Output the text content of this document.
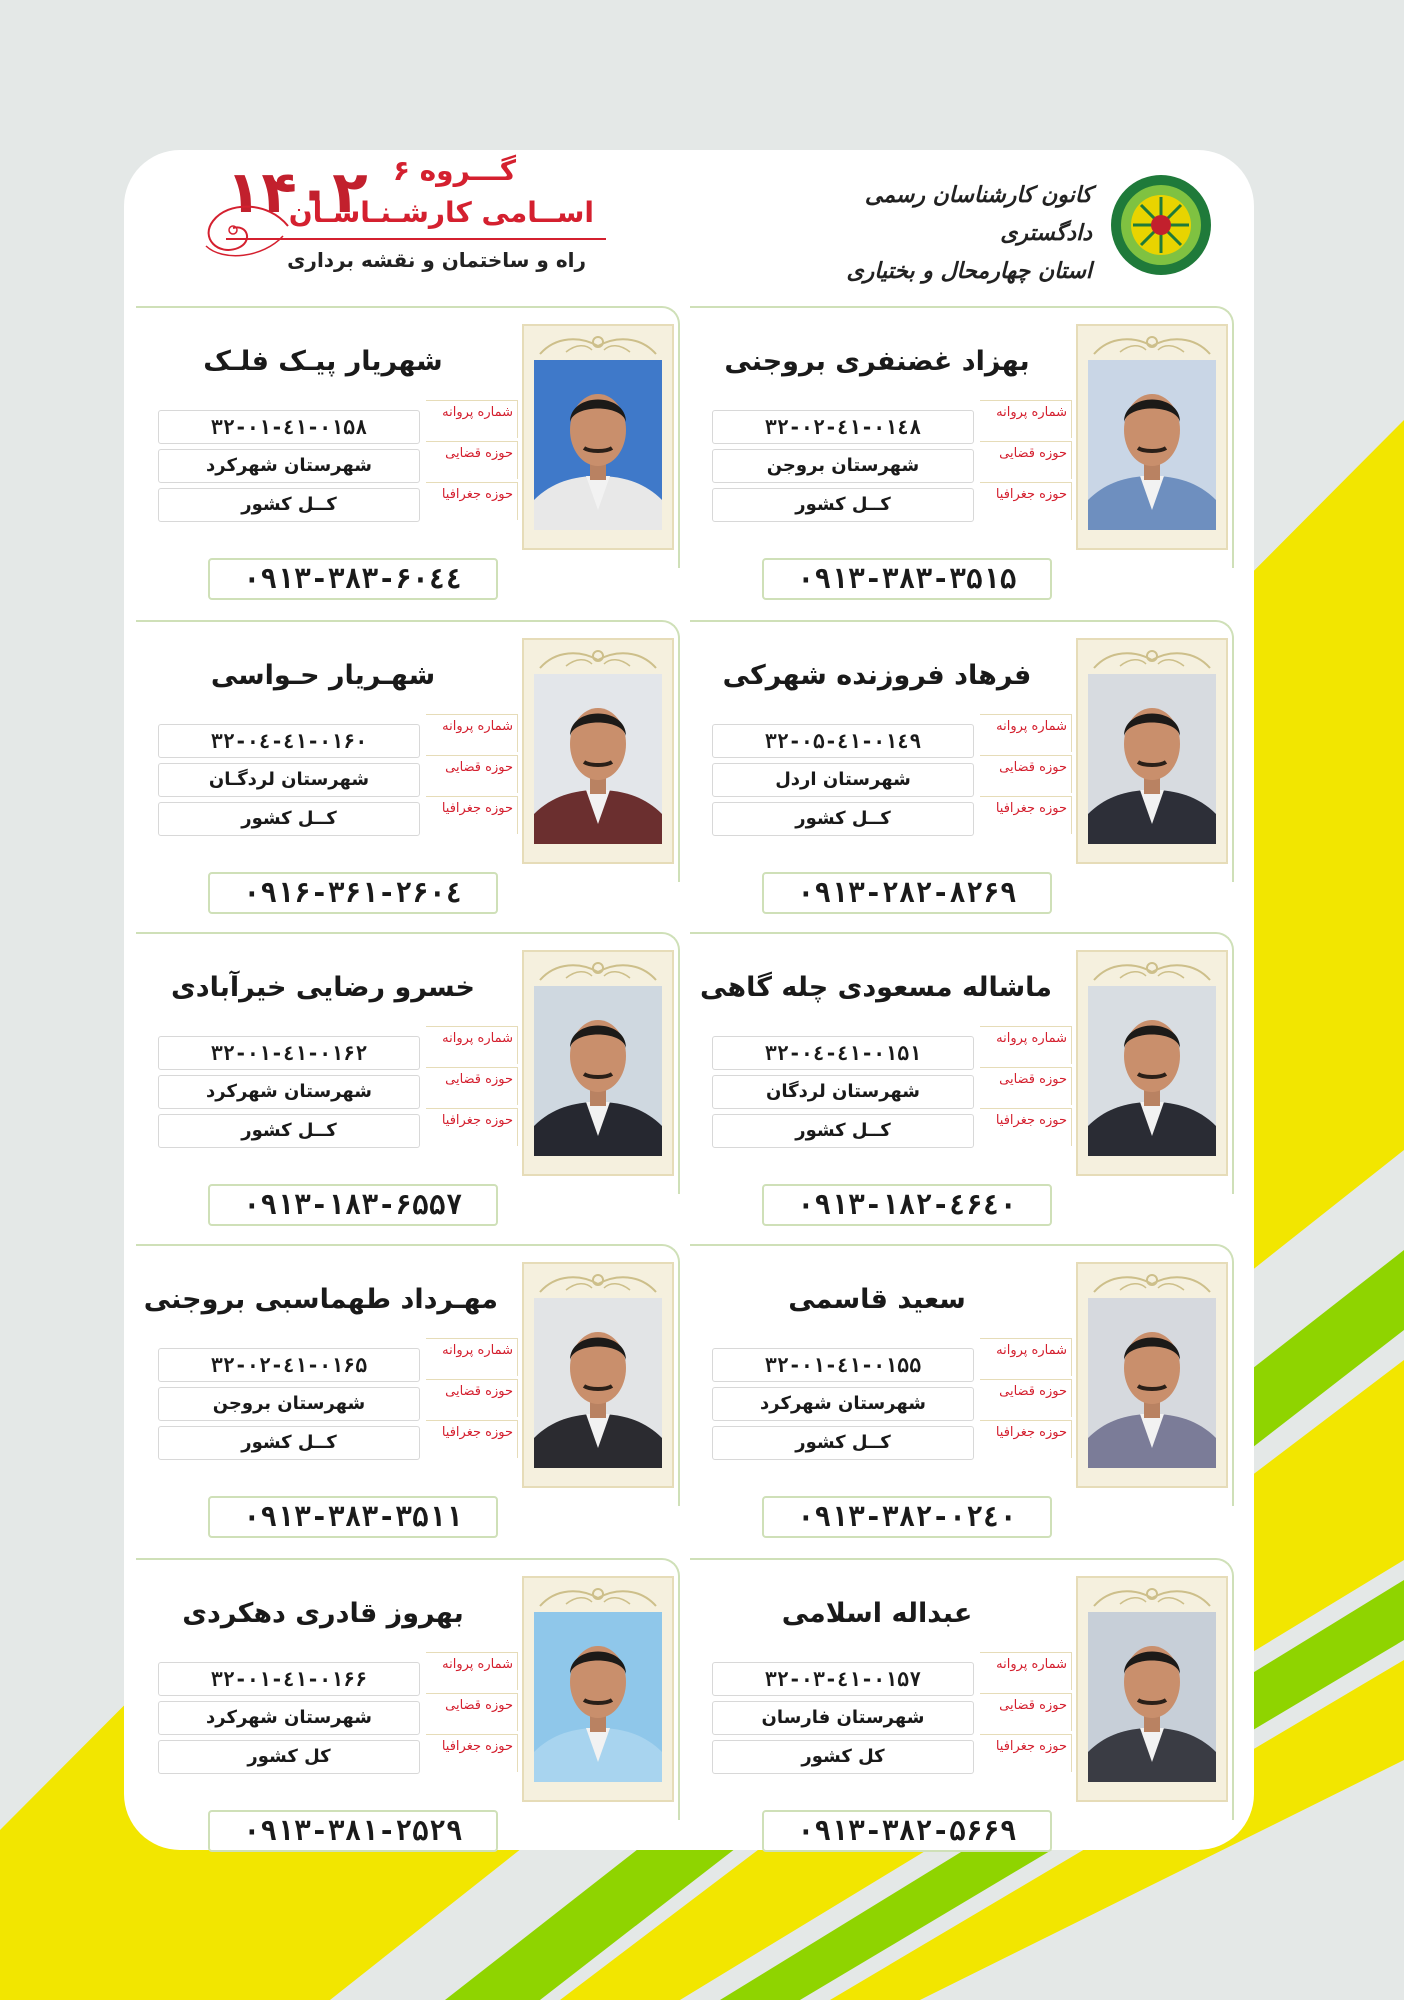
کانون کارشناسان رسمی دادگستری
استان چهارمحال و بختیاری
۱۴۰۲ گـــروه ۶
اســامی کارشـنـاسـان
راه و ساختمان و نقشه برداری
بهزاد غضنفری بروجنی
شماره پروانه
حوزه قضایی
حوزه جغرافیا
۳۲-۰۲-٤۱-۰۱٤۸
شهرستان بروجن
کــل کشور
۰۹۱۳-۳۸۳-۳۵۱۵
شهریار پیـک فلـک
شماره پروانه
حوزه قضایی
حوزه جغرافیا
۳۲-۰۱-٤۱-۰۱۵۸
شهرستان شهرکرد
کــل کشور
۰۹۱۳-۳۸۳-۶۰٤٤
فرهاد فروزنده شهرکی
شماره پروانه
حوزه قضایی
حوزه جغرافیا
۳۲-۰۵-٤۱-۰۱٤۹
شهرستان اردل
کــل کشور
۰۹۱۳-۲۸۲-۸۲۶۹
شهـریار حـواسی
شماره پروانه
حوزه قضایی
حوزه جغرافیا
۳۲-۰٤-٤۱-۰۱۶۰
شهرستان لردگـان
کــل کشور
۰۹۱۶-۳۶۱-۲۶۰٤
ماشاله مسعودی چله گاهی
شماره پروانه
حوزه قضایی
حوزه جغرافیا
۳۲-۰٤-٤۱-۰۱۵۱
شهرستان لردگان
کــل کشور
۰۹۱۳-۱۸۲-٤۶٤۰
خسرو رضایی خیرآبادی
شماره پروانه
حوزه قضایی
حوزه جغرافیا
۳۲-۰۱-٤۱-۰۱۶۲
شهرستان شهرکرد
کــل کشور
۰۹۱۳-۱۸۳-۶۵۵۷
سعید قاسمی
شماره پروانه
حوزه قضایی
حوزه جغرافیا
۳۲-۰۱-٤۱-۰۱۵۵
شهرستان شهرکرد
کــل کشور
۰۹۱۳-۳۸۲-۰۲٤۰
مهـرداد طهماسبی بروجنی
شماره پروانه
حوزه قضایی
حوزه جغرافیا
۳۲-۰۲-٤۱-۰۱۶۵
شهرستان بروجن
کــل کشور
۰۹۱۳-۳۸۳-۳۵۱۱
عبداله اسلامی
شماره پروانه
حوزه قضایی
حوزه جغرافیا
۳۲-۰۳-٤۱-۰۱۵۷
شهرستان فارسان
کل کشور
۰۹۱۳-۳۸۲-۵۶۶۹
بهروز قادری دهکردی
شماره پروانه
حوزه قضایی
حوزه جغرافیا
۳۲-۰۱-٤۱-۰۱۶۶
شهرستان شهرکرد
کل کشور
۰۹۱۳-۳۸۱-۲۵۲۹
